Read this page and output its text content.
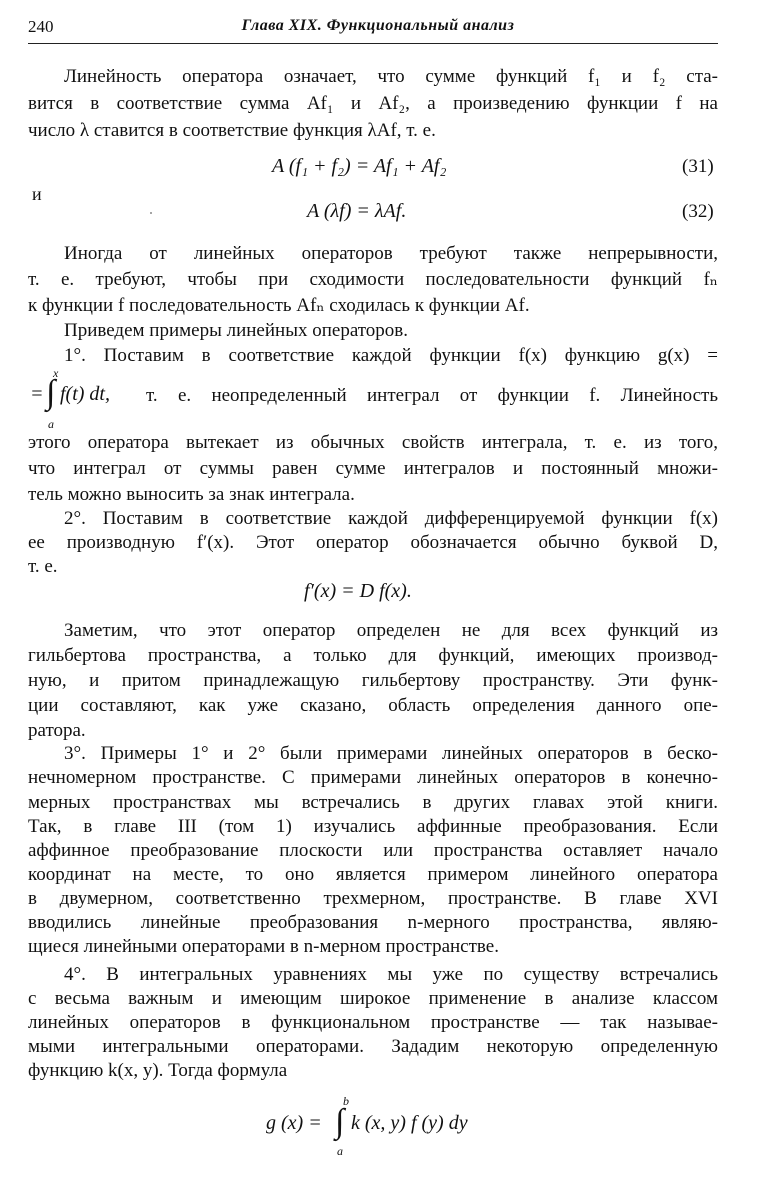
240	Глава XIX. Функциональный анализ
Линейность оператора означает, что сумме функций f₁ и f₂ ста-
вится в соответствие сумма Af₁ и Af₂, а произведению функции f на
число λ ставится в соответствие функция λAf, т. е.
A (f₁ + f₂) = Af₁ + Af₂	(31)
и
A (λf) = λAf.	(32)
Иногда от линейных операторов требуют также непрерывности,
т. е. требуют, чтобы при сходимости последовательности функций fₙ
к функции f последовательность Afₙ сходилась к функции Af.
Приведем примеры линейных операторов.
1°. Поставим в соответствие каждой функции f(x) функцию g(x) =
=
x
∫
a
f(t) dt, т. е. неопределенный интеграл от функции f. Линейность
этого оператора вытекает из обычных свойств интеграла, т. е. из того,
что интеграл от суммы равен сумме интегралов и постоянный множи-
тель можно выносить за знак интеграла.
2°. Поставим в соответствие каждой дифференцируемой функции f(x)
ее производную f′(x). Этот оператор обозначается обычно буквой D,
т. е.
f′(x) = D f(x).
Заметим, что этот оператор определен не для всех функций из
гильбертова пространства, а только для функций, имеющих производ-
ную, и притом принадлежащую гильбертову пространству. Эти функ-
ции составляют, как уже сказано, область определения данного опе-
ратора.
3°. Примеры 1° и 2° были примерами линейных операторов в беско-
нечномерном пространстве. С примерами линейных операторов в конечно-
мерных пространствах мы встречались в других главах этой книги.
Так, в главе III (том 1) изучались аффинные преобразования. Если
аффинное преобразование плоскости или пространства оставляет начало
координат на месте, то оно является примером линейного оператора
в двумерном, соответственно трехмерном, пространстве. В главе XVI
вводились линейные преобразования n-мерного пространства, являю-
щиеся линейными операторами в n-мерном пространстве.
4°. В интегральных уравнениях мы уже по существу встречались
с весьма важным и имеющим широкое применение в анализе классом
линейных операторов в функциональном пространстве — так называе-
мыми интегральными операторами. Зададим некоторую определенную
функцию k(x, y). Тогда формула
g (x) =
b
∫
a
k (x, y) f (y) dy
